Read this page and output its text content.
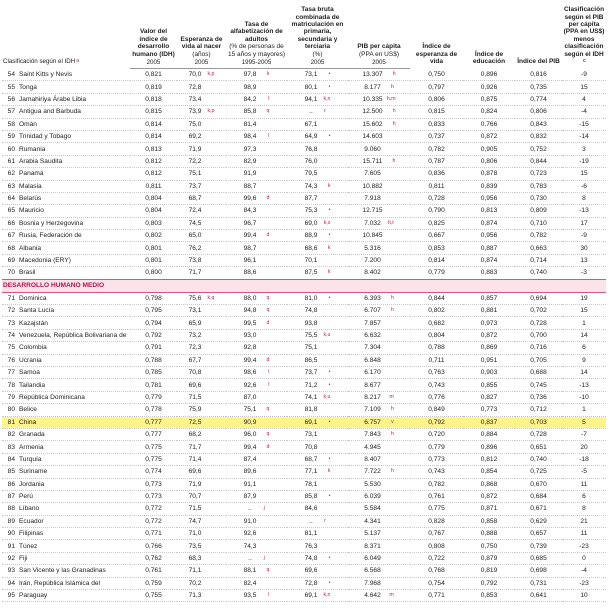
Clasificación según el IDH$^a$	Valor del índice de desarrollo humano (IDH)	Esperanza de vida al nacer
(años)	Tasa de alfabetización de adultos
(% de personas de 15 años y mayores)	Tasa bruta combinada de matriculación en primaria, secundaria y terciaria
(%)	PIB per cápita
(PPA en US$)	Índice de esperanza de vida	Índice de educación	Índice del PIB	Clasificación según el PIB per cápita (PPA en US$) menos clasificación según el IDH$^c$
	2005	2005	1995-2005	2005	2005				
54 Saint Kitts y Nevis	0,821	70,0 k,p	97,8 k	73,1 •	13.307 h	0,750	0,896	0,816	-9
55 Tonga	0,819	72,8	98,9	80,1 •	8.177 h	0,797	0,926	0,735	15
56 Jamahiriya Árabe Libia	0,818	73,4	84,2 l	94,1 k,n	10.335 h,m	0,806	0,875	0,774	4
57 Antigua and Barbuda	0,815	73,9 k,p	85,8 q	.. r	12.500 h	0,815	0,824	0,806	-4
58 Omán	0,814	75,0	81,4	67,1	15.602 h	0,833	0,766	0,843	-15
59 Trinidad y Tobago	0,814	69,2	98,4 l	64,9 •	14.603	0,737	0,872	0,832	-14
60 Rumania	0,813	71,9	97,3	76,8	9.060	0,782	0,905	0,752	3
61 Arabia Saudita	0,812	72,2	82,9	76,0	15.711 h	0,787	0,806	0,844	-19
62 Panamá	0,812	75,1	91,9	79,5	7.605	0,836	0,878	0,723	15
63 Malasia	0,811	73,7	88,7	74,3 k	10.882	0,811	0,839	0,783	-6
64 Belarús	0,804	68,7	99,6 d	87,7	7.918	0,728	0,956	0,730	8
65 Mauricio	0,804	72,4	84,3	75,3 •	12.715	0,790	0,813	0,809	-13
66 Bosnia y Herzegovina	0,803	74,5	96,7	69,0 k,s	7.032 h,t	0,825	0,874	0,710	17
67 Rusia, Federación de	0,802	65,0	99,4 d	88,9 •	10.845	0,667	0,956	0,782	-9
68 Albania	0,801	76,2	98,7	68,6 k	5.316	0,853	0,887	0,663	30
69 Macedonia (ERY)	0,801	73,8	96,1	70,1	7.200	0,814	0,874	0,714	13
70 Brasil	0,800	71,7	88,6	87,5 k	8.402	0,779	0,883	0,740	-3
DESARROLLO HUMANO MEDIO									
71 Dominica	0,798	75,6 k,q	88,0 q	81,0 •	6.393 h	0,844	0,857	0,694	19
72 Santa Lucía	0,795	73,1	94,8 q	74,8	6.707 h	0,802	0,881	0,702	15
73 Kazajstán	0,794	65,9	99,5 d	93,8	7.857	0,682	0,973	0,728	1
74 Venezuela, República Bolivariana de	0,792	73,2	93,0	75,5 k,u	6.632	0,804	0,872	0,700	14
75 Colombia	0,791	72,3	92,8	75,1	7.304	0,788	0,869	0,716	6
76 Ucrania	0,788	67,7	99,4 d	86,5	6.848	0,711	0,951	0,705	9
77 Samoa	0,785	70,8	98,6 l	73,7 •	6.170	0,763	0,903	0,688	14
78 Tailandia	0,781	69,6	92,6 l	71,2 •	8.677	0,743	0,855	0,745	-13
79 República Dominicana	0,779	71,5	87,0	74,1 k,u	8.217 m	0,776	0,827	0,736	-10
80 Belice	0,778	75,9	75,1 q	81,8	7.109 h	0,849	0,773	0,712	1
81 China	0,777	72,5	90,9	69,1 •	6.757 v	0,792	0,837	0,703	5
82 Granada	0,777	68,2	96,0 q	73,1	7.843 h	0,720	0,884	0,728	-7
83 Armenia	0,775	71,7	99,4 d	70,8	4.945	0,779	0,896	0,651	20
84 Turquía	0,775	71,4	87,4	68,7 •	8.407	0,773	0,812	0,740	-18
85 Suriname	0,774	69,6	89,6	77,1 k	7.722 h	0,743	0,854	0,725	-5
86 Jordania	0,773	71,9	91,1	78,1	5.530	0,782	0,868	0,670	11
87 Perú	0,773	70,7	87,9	85,8 •	6.039	0,761	0,872	0,684	6
88 Líbano	0,772	71,5	.. j	84,6	5.584	0,775	0,871	0,671	8
89 Ecuador	0,772	74,7	91,0	.. r	4.341	0,828	0,858	0,629	21
90 Filipinas	0,771	71,0	92,6	81,1	5.137	0,767	0,888	0,657	11
91 Túnez	0,766	73,5	74,3	76,3	8.371	0,808	0,750	0,739	-23
92 Fiji	0,762	68,3	.. j	74,8 •	6.049	0,722	0,879	0,685	0
93 San Vicente y las Granadinas	0,761	71,1	88,1 q	69,6	6.568	0,768	0,819	0,698	-4
94 Irán, República Islámica del	0,759	70,2	82,4	72,8 •	7.968	0,754	0,792	0,731	-23
95 Paraguay	0,755	71,3	93,5 l	69,1 k,n	4.642 m	0,771	0,853	0,641	10
